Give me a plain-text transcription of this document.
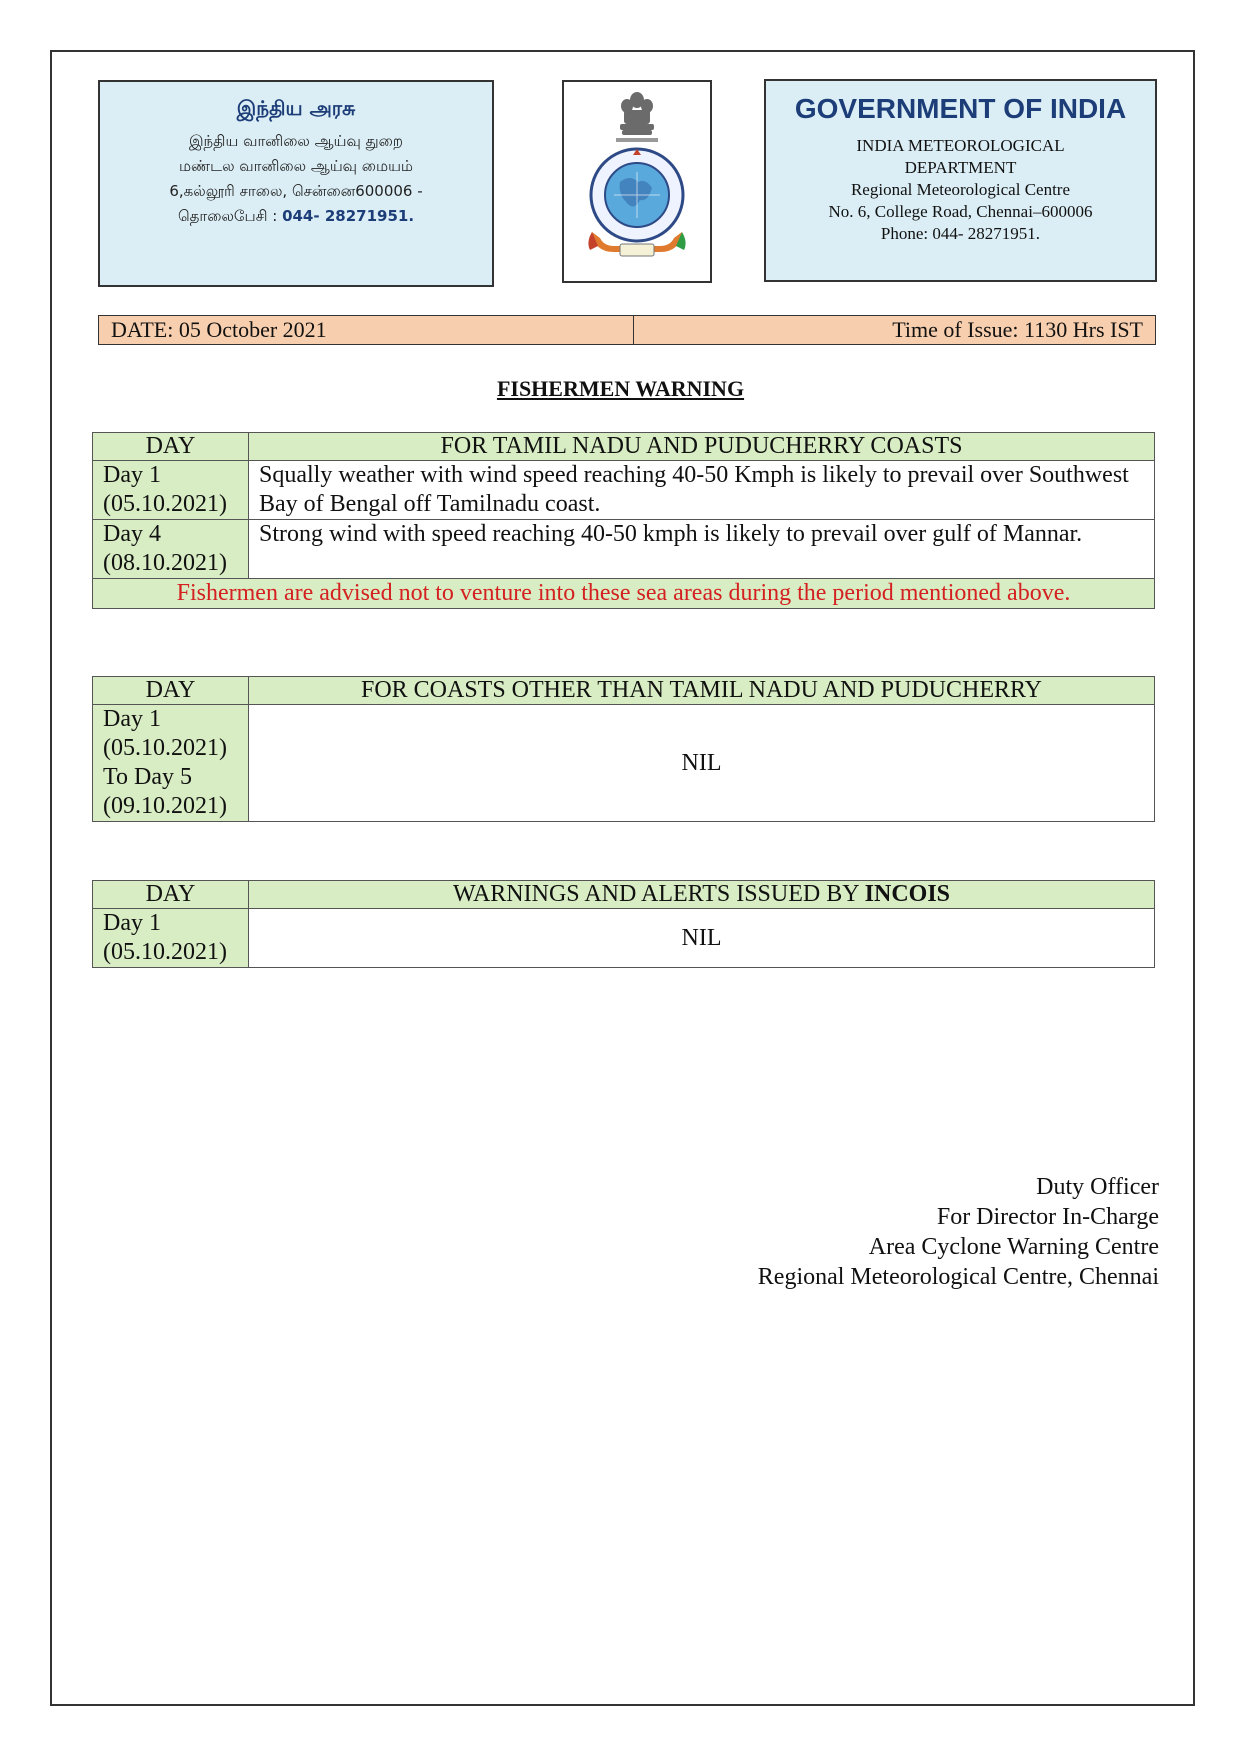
இந்திய அரசு
இந்திய வானிலை ஆய்வு துறை
மண்டல வானிலை ஆய்வு மையம்
6,கல்லூரி சாலை, சென்னை600006 -
தொலைபேசி : 044- 28271951.
GOVERNMENT OF INDIA
INDIA METEOROLOGICAL
DEPARTMENT
Regional Meteorological Centre
No. 6, College Road, Chennai–600006
Phone: 044- 28271951.
DATE: 05 October 2021	Time of Issue: 1130 Hrs IST
FISHERMEN WARNING
DAY	FOR TAMIL NADU AND PUDUCHERRY COASTS

Day 1
(05.10.2021)	Squally weather with wind speed reaching 40-50 Kmph is likely to prevail over Southwest Bay of Bengal off Tamilnadu coast.

Day 4
(08.10.2021)	Strong wind with speed reaching 40-50 kmph is likely to prevail over gulf of Mannar.
Fishermen are advised not to venture into these sea areas during the period mentioned above.	
DAY	FOR COASTS OTHER THAN TAMIL NADU AND PUDUCHERRY

Day 1
(05.10.2021)
To Day 5
(09.10.2021)	NIL
DAY	WARNINGS AND ALERTS ISSUED BY INCOIS

Day 1
(05.10.2021)	NIL
Duty Officer
For Director In-Charge
Area Cyclone Warning Centre
Regional Meteorological Centre, Chennai
